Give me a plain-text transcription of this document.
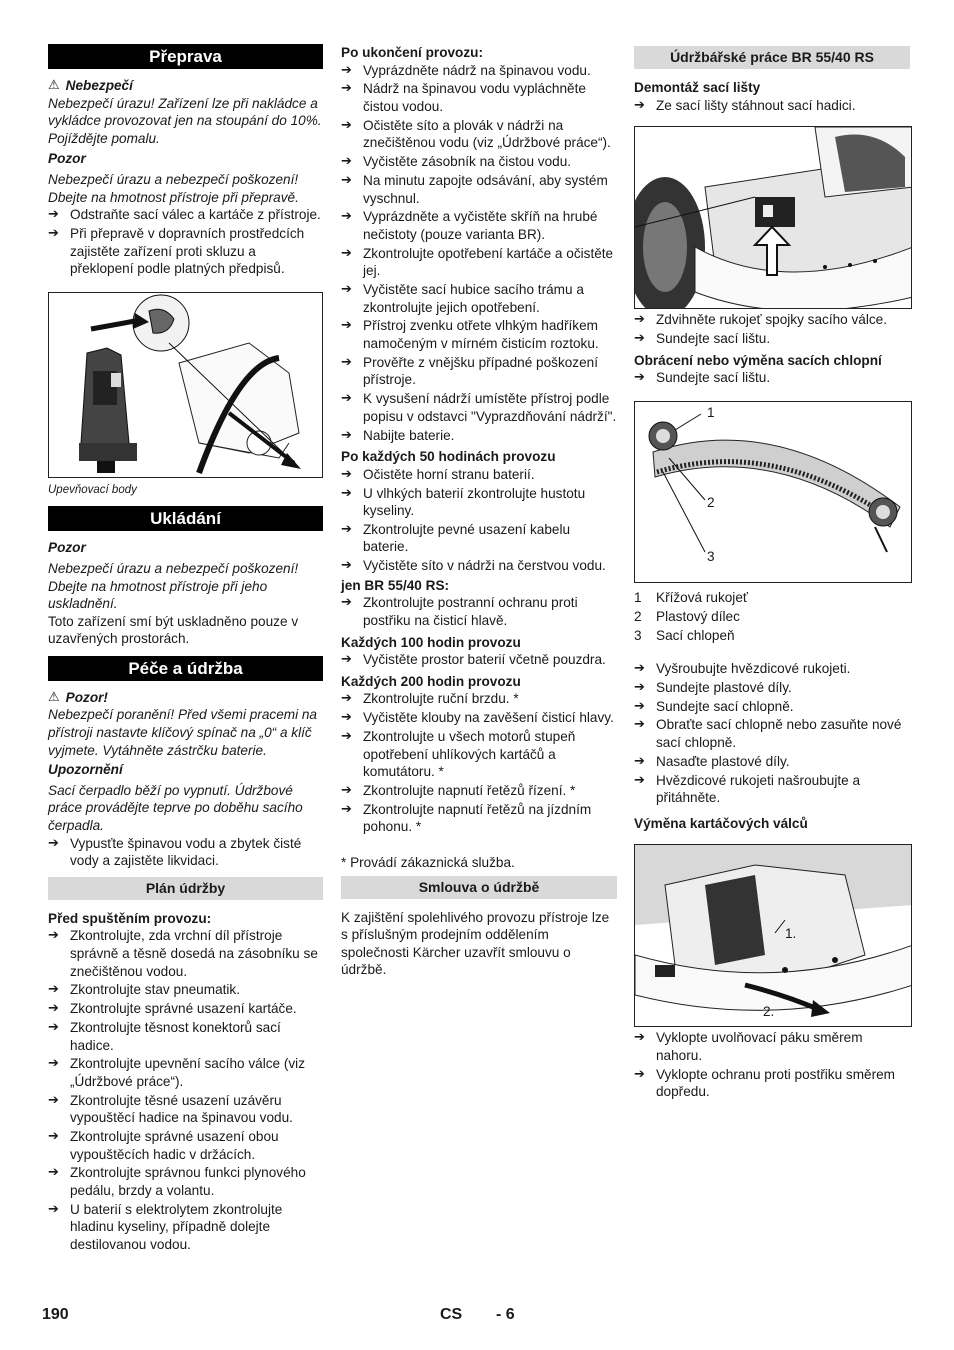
Přeprava
⚠ Nebezpečí
Nebezpečí úrazu! Zařízení lze při nakládce a vykládce provozovat jen na stoupání do 10%. Pojíždějte pomalu.
Pozor
Nebezpečí úrazu a nebezpečí poškození! Dbejte na hmotnost přístroje při přepravě.
➔ Odstraňte sací válec a kartáče z přístroje.
➔ Při přepravě v dopravních prostředcích zajistěte zařízení proti skluzu a překlopení podle platných předpisů.
Upevňovací body
Ukládání
Pozor
Nebezpečí úrazu a nebezpečí poškození! Dbejte na hmotnost přístroje při jeho uskladnění.
Toto zařízení smí být uskladněno pouze v uzavřených prostorách.
Péče a údržba
⚠ Pozor!
Nebezpečí poranění! Před všemi pracemi na přístroji nastavte klíčový spínač na „0“ a klíč vyjmete. Vytáhněte zástrčku baterie.
Upozornění
Sací čerpadlo běží po vypnutí. Údržbové práce provádějte teprve po doběhu sacího čerpadla.
➔ Vypusťte špinavou vodu a zbytek čisté vody a zajistěte likvidaci.
Plán údržby
Před spuštěním provozu:
➔ Zkontrolujte, zda vrchní díl přístroje správně a těsně dosedá na zásobníku se znečištěnou vodou.
➔ Zkontrolujte stav pneumatik.
➔ Zkontrolujte správné usazení kartáče.
➔ Zkontrolujte těsnost konektorů sací hadice.
➔ Zkontrolujte upevnění sacího válce (viz „Údržbové práce“).
➔ Zkontrolujte těsné usazení uzávěru vypouštěcí hadice na špinavou vodu.
➔ Zkontrolujte správné usazení obou vypouštěcích hadic v držácích.
➔ Zkontrolujte správnou funkci plynového pedálu, brzdy a volantu.
➔ U baterií s elektrolytem zkontrolujte hladinu kyseliny, případně dolejte destilovanou vodou.
Po ukončení provozu:
➔ Vyprázdněte nádrž na špinavou vodu.
➔ Nádrž na špinavou vodu vypláchněte čistou vodou.
➔ Očistěte síto a plovák v nádrži na znečištěnou vodu (viz „Údržbové práce“).
➔ Vyčistěte zásobník na čistou vodu.
➔ Na minutu zapojte odsávání, aby systém vyschnul.
➔ Vyprázdněte a vyčistěte skříň na hrubé nečistoty (pouze varianta BR).
➔ Zkontrolujte opotřebení kartáče a očistěte jej.
➔ Vyčistěte sací hubice sacího trámu a zkontrolujte jejich opotřebení.
➔ Přístroj zvenku otřete vlhkým hadříkem namočeným v mírném čisticím roztoku.
➔ Prověřte z vnějšku případné poškození přístroje.
➔ K vysušení nádrží umístěte přístroj podle popisu v odstavci "Vyprazdňování nádrží".
➔ Nabijte baterie.
Po každých 50 hodinách provozu
➔ Očistěte horní stranu baterií.
➔ U vlhkých baterií zkontrolujte hustotu kyseliny.
➔ Zkontrolujte pevné usazení kabelu baterie.
➔ Vyčistěte síto v nádrži na čerstvou vodu.
jen BR 55/40 RS:
➔ Zkontrolujte postranní ochranu proti postřiku na čisticí hlavě.
Každých 100 hodin provozu
➔ Vyčistěte prostor baterií včetně pouzdra.
Každých 200 hodin provozu
➔ Zkontrolujte ruční brzdu. *
➔ Vyčistěte klouby na zavěšení čisticí hlavy.
➔ Zkontrolujte u všech motorů stupeň opotřebení uhlíkových kartáčů a komutátoru. *
➔ Zkontrolujte napnutí řetězů řízení. *
➔ Zkontrolujte napnutí řetězů na jízdním pohonu. *
* Provádí zákaznická služba.
Smlouva o údržbě
K zajištění spolehlivého provozu přístroje lze s příslušným prodejním oddělením společnosti Kärcher uzavřít smlouvu o údržbě.
Údržbářské práce BR 55/40 RS
Demontáž sací lišty
➔ Ze sací lišty stáhnout sací hadici.
➔ Zdvihněte rukojeť spojky sacího válce.
➔ Sundejte sací lištu.
Obrácení nebo výměna sacích chlopní
➔ Sundejte sací lištu.
1
2
3
1	Křížová rukojeť
2	Plastový dílec
3	Sací chlopeň
➔ Vyšroubujte hvězdicové rukojeti.
➔ Sundejte plastové díly.
➔ Sundejte sací chlopně.
➔ Obraťte sací chlopně nebo zasuňte nové sací chlopně.
➔ Nasaďte plastové díly.
➔ Hvězdicové rukojeti našroubujte a přitáhněte.
Výměna kartáčových válců
1.
2.
➔ Vyklopte uvolňovací páku směrem nahoru.
➔ Vyklopte ochranu proti postřiku směrem dopředu.
190	CS - 6
